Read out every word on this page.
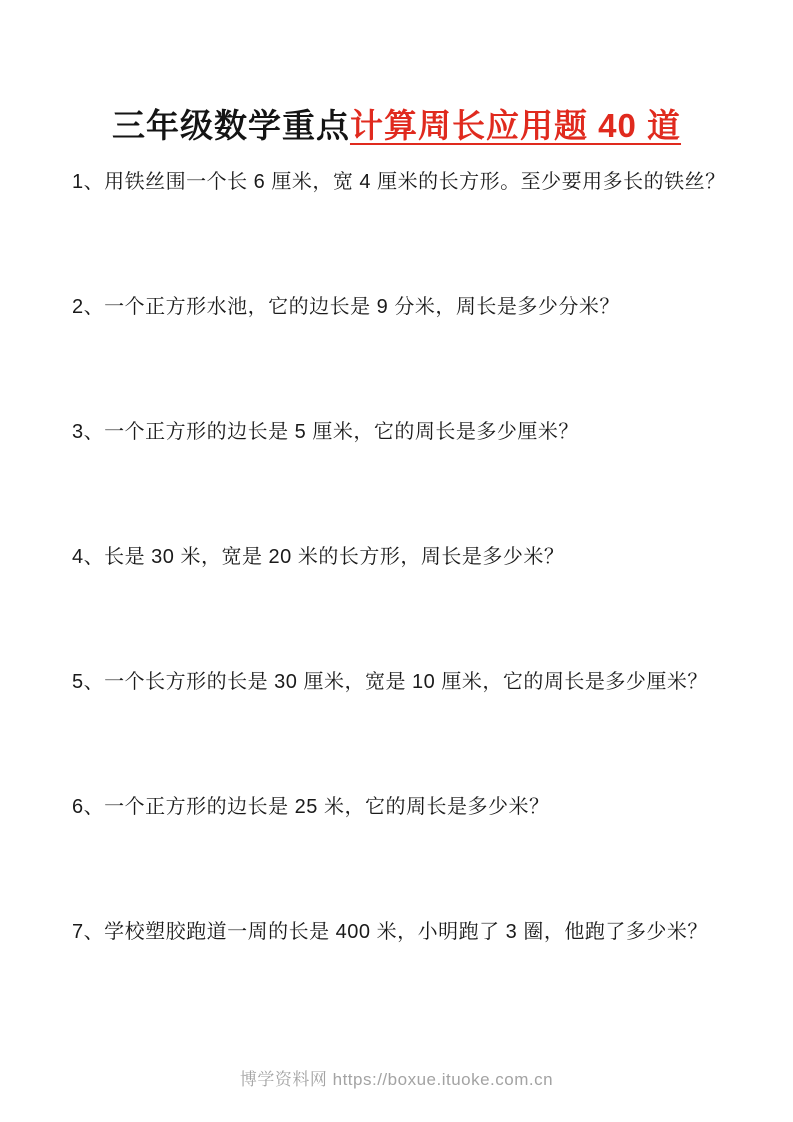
三年级数学重点计算周长应用题 40 道
1、用铁丝围一个长 6 厘米，宽 4 厘米的长方形。至少要用多长的铁丝？
2、一个正方形水池，它的边长是 9 分米，周长是多少分米？
3、一个正方形的边长是 5 厘米，它的周长是多少厘米？
4、长是 30 米，宽是 20 米的长方形，周长是多少米？
5、一个长方形的长是 30 厘米，宽是 10 厘米，它的周长是多少厘米？
6、一个正方形的边长是 25 米，它的周长是多少米？
7、学校塑胶跑道一周的长是 400 米，小明跑了 3 圈，他跑了多少米？
博学资料网 https://boxue.ituoke.com.cn
